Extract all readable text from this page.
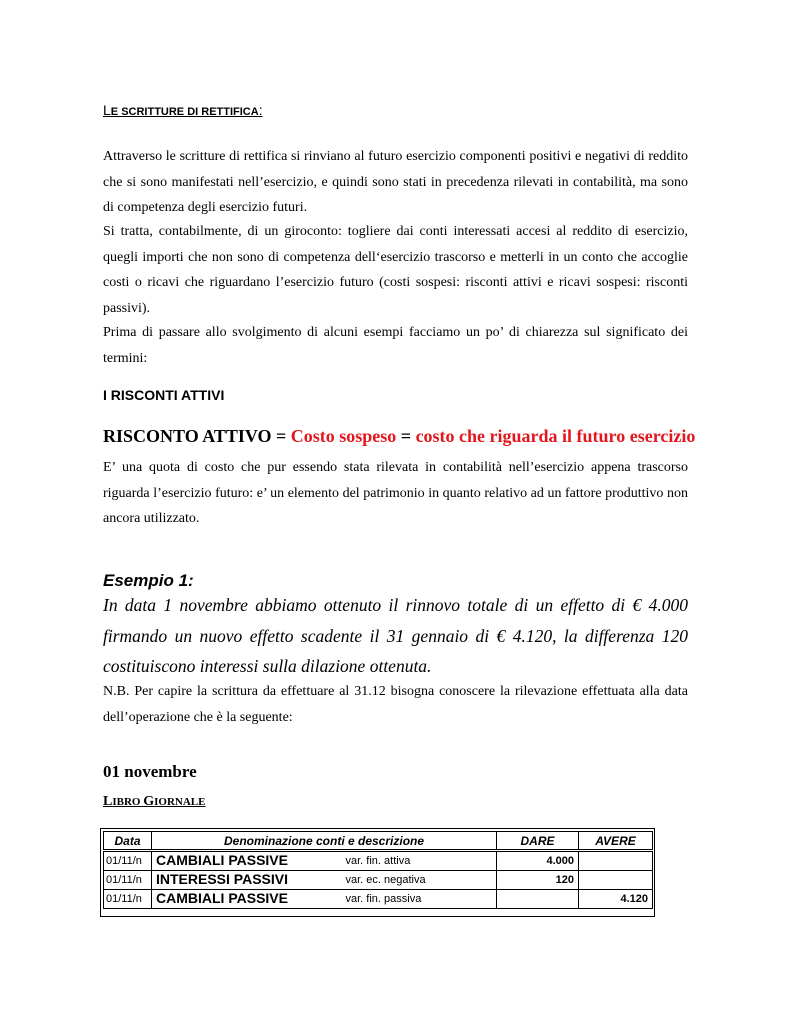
LE SCRITTURE DI RETTIFICA:
Attraverso le scritture di rettifica si rinviano al futuro esercizio componenti positivi e negativi di reddito che si sono manifestati nell’esercizio, e quindi sono stati in precedenza rilevati in contabilità, ma sono di competenza degli esercizio futuri.
Si tratta, contabilmente, di un giroconto: togliere dai conti interessati accesi al reddito di esercizio, quegli importi che non sono di competenza dell‘esercizio trascorso e metterli in un conto che accoglie costi o ricavi che riguardano l’esercizio futuro (costi sospesi: risconti attivi e ricavi sospesi: risconti passivi).
Prima di passare allo svolgimento di alcuni esempi facciamo un po’ di chiarezza sul significato dei termini:
I RISCONTI ATTIVI
RISCONTO ATTIVO = Costo sospeso = costo che riguarda il futuro esercizio
E’ una quota di costo che pur essendo stata rilevata in contabilità nell’esercizio appena trascorso riguarda l’esercizio futuro: e’ un elemento del patrimonio in quanto relativo ad un fattore produttivo non ancora utilizzato.
Esempio 1:
In data 1 novembre abbiamo ottenuto il rinnovo totale di un effetto di € 4.000 firmando un nuovo effetto scadente il 31 gennaio di € 4.120, la differenza 120 costituiscono interessi sulla dilazione ottenuta.
N.B. Per capire la scrittura da effettuare al 31.12 bisogna conoscere la rilevazione effettuata alla data dell’operazione che è la seguente:
01 novembre
LIBRO GIORNALE
Data	Denominazione conti e descrizione		DARE	AVERE
01/11/n	CAMBIALI PASSIVE	var. fin. attiva	4.000	
01/11/n	INTERESSI PASSIVI	var. ec. negativa	120	
01/11/n	CAMBIALI PASSIVE	var. fin. passiva		4.120
